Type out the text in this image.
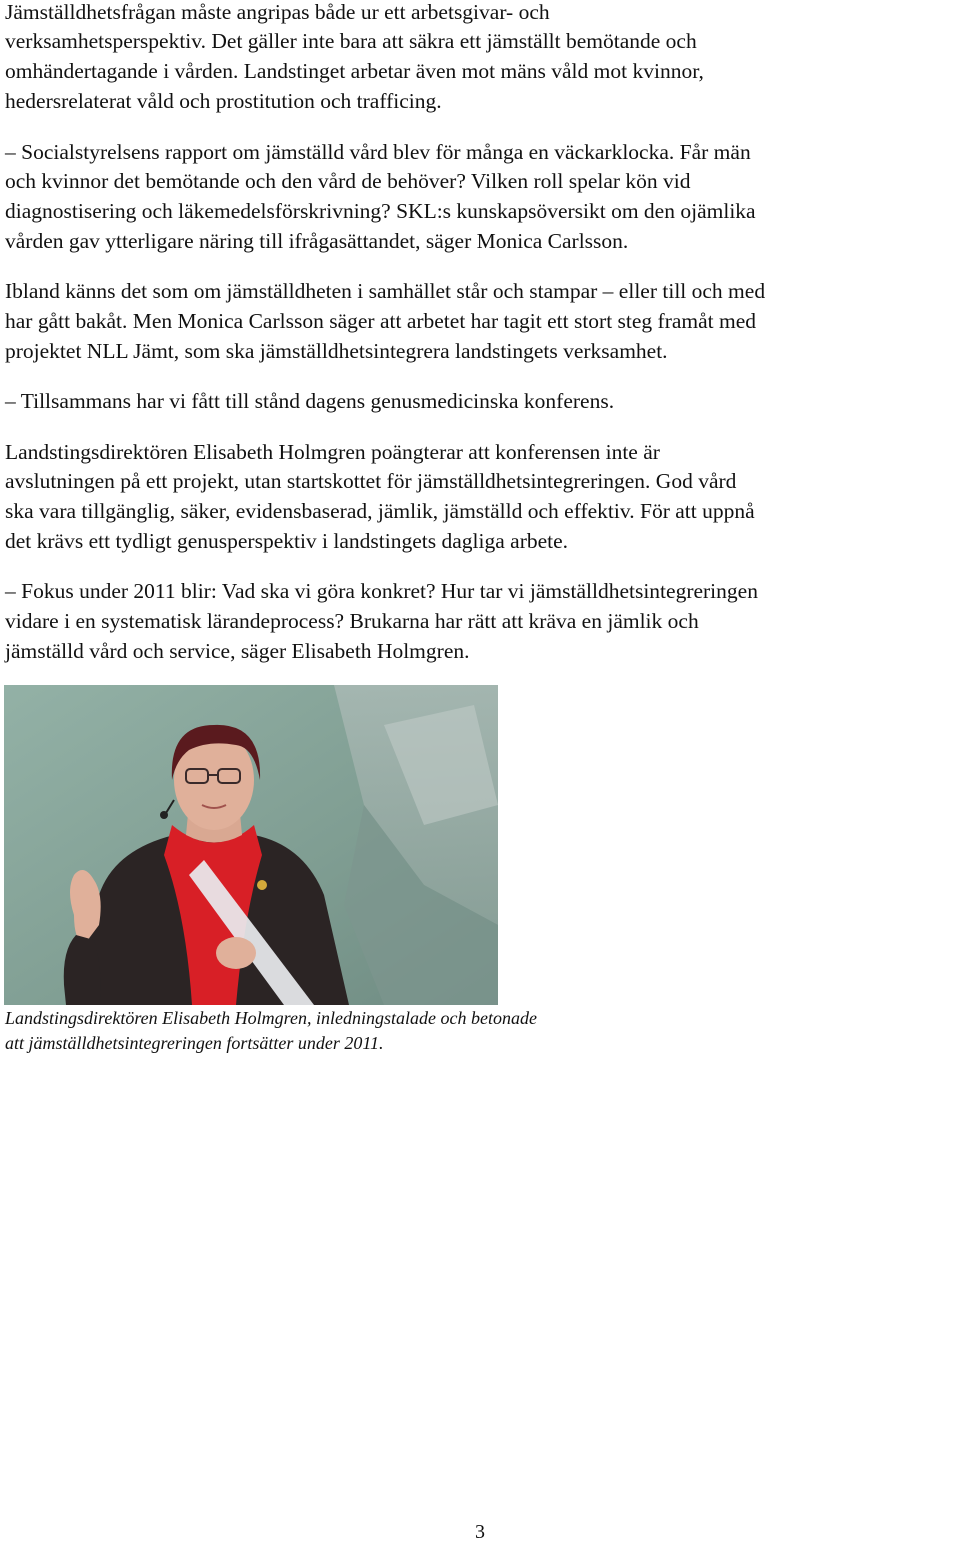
Jämställdhetsfrågan måste angripas både ur ett arbetsgivar- och
verksamhetsperspektiv. Det gäller inte bara att säkra ett jämställt bemötande och
omhändertagande i vården. Landstinget arbetar även mot mäns våld mot kvinnor,
hedersrelaterat våld och prostitution och trafficing.
– Socialstyrelsens rapport om jämställd vård blev för många en väckarklocka. Får män
och kvinnor det bemötande och den vård de behöver? Vilken roll spelar kön vid
diagnostisering och läkemedelsförskrivning? SKL:s kunskapsöversikt om den ojämlika
vården gav ytterligare näring till ifrågasättandet, säger Monica Carlsson.
Ibland känns det som om jämställdheten i samhället står och stampar – eller till och med
har gått bakåt. Men Monica Carlsson säger att arbetet har tagit ett stort steg framåt med
projektet NLL Jämt, som ska jämställdhetsintegrera landstingets verksamhet.
– Tillsammans har vi fått till stånd dagens genusmedicinska konferens.
Landstingsdirektören Elisabeth Holmgren poängterar att konferensen inte är
avslutningen på ett projekt, utan startskottet för jämställdhetsintegreringen. God vård
ska vara tillgänglig, säker, evidensbaserad, jämlik, jämställd och effektiv. För att uppnå
det krävs ett tydligt genusperspektiv i landstingets dagliga arbete.
– Fokus under 2011 blir: Vad ska vi göra konkret? Hur tar vi jämställdhetsintegreringen
vidare i en systematisk lärandeprocess? Brukarna har rätt att kräva en jämlik och
jämställd vård och service, säger Elisabeth Holmgren.
Landstingsdirektören Elisabeth Holmgren, inledningstalade och betonade
att jämställdhetsintegreringen fortsätter under 2011.
3
